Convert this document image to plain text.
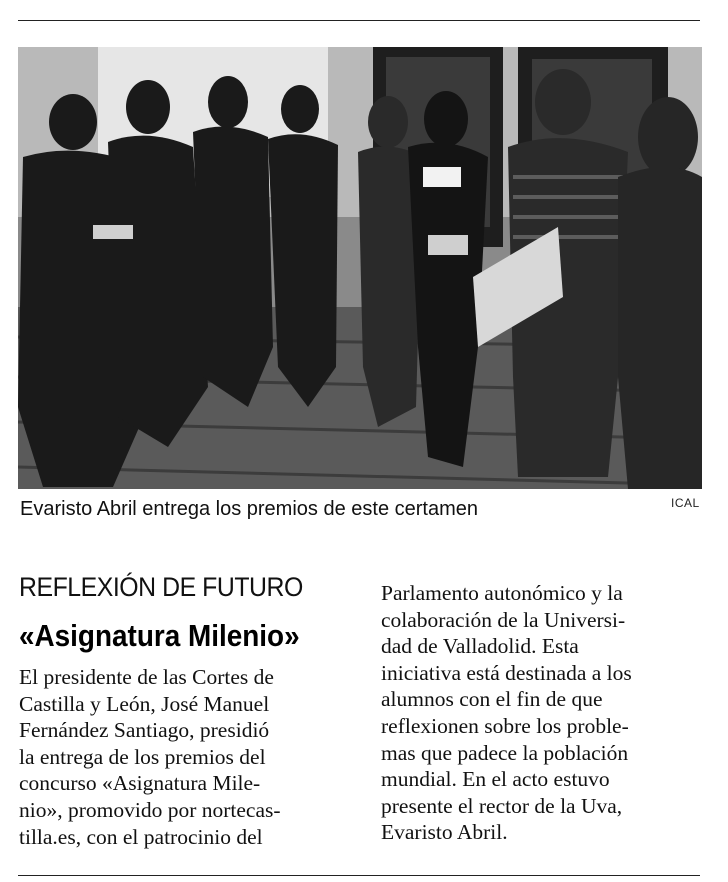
Evaristo Abril entrega los premios de este certamen	ICAL
REFLEXIÓN DE FUTURO
«Asignatura Milenio»
El presidente de las Cortes de
Castilla y León, José Manuel
Fernández Santiago, presidió
la entrega de los premios del
concurso «Asignatura Mile-
nio», promovido por nortecas-
tilla.es, con el patrocinio del
Parlamento autonómico y la
colaboración de la Universi-
dad de Valladolid. Esta
iniciativa está destinada a los
alumnos con el fin de que
reflexionen sobre los proble-
mas que padece la población
mundial. En el acto estuvo
presente el rector de la Uva,
Evaristo Abril.
